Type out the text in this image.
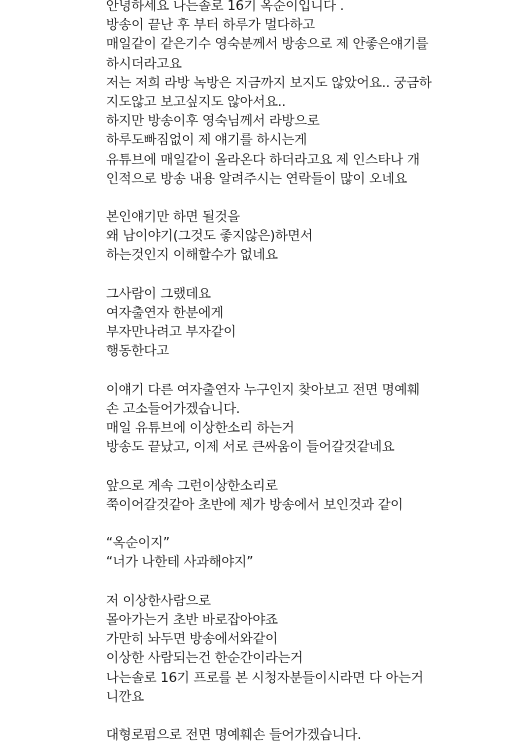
안녕하세요 나는솔로 16기 옥순이입니다 .
방송이 끝난 후 부터 하루가 멀다하고
매일같이 같은기수 영숙분께서 방송으로 제 안좋은얘기를
하시더라고요
저는 저희 라방 녹방은 지금까지 보지도 않았어요.. 궁금하
지도않고 보고싶지도 않아서요..
하지만 방송이후 영숙님께서 라방으로
하루도빠짐없이 제 얘기를 하시는게
유튜브에 매일같이 올라온다 하더라고요 제 인스타나 개
인적으로 방송 내용 알려주시는 연락들이 많이 오네요
본인얘기만 하면 될것을
왜 남이야기(그것도 좋지않은)하면서
하는것인지 이해할수가 없네요
그사람이 그랬데요
여자출연자 한분에게
부자만나려고 부자같이
행동한다고
이얘기 다른 여자출연자 누구인지 찾아보고 전면 명예훼
손 고소들어가겠습니다.
매일 유튜브에 이상한소리 하는거
방송도 끝났고, 이제 서로 큰싸움이 들어갈것같네요
앞으로 계속 그런이상한소리로
쭉이어갈것같아 초반에 제가 방송에서 보인것과 같이
“옥순이지”
“너가 나한테 사과해야지”
저 이상한사람으로
몰아가는거 초반 바로잡아야죠
가만히 놔두면 방송에서와같이
이상한 사람되는건 한순간이라는거
나는솔로 16기 프로를 본 시청자분들이시라면 다 아는거
니깐요
대형로펌으로 전면 명예훼손 들어가겠습니다.
